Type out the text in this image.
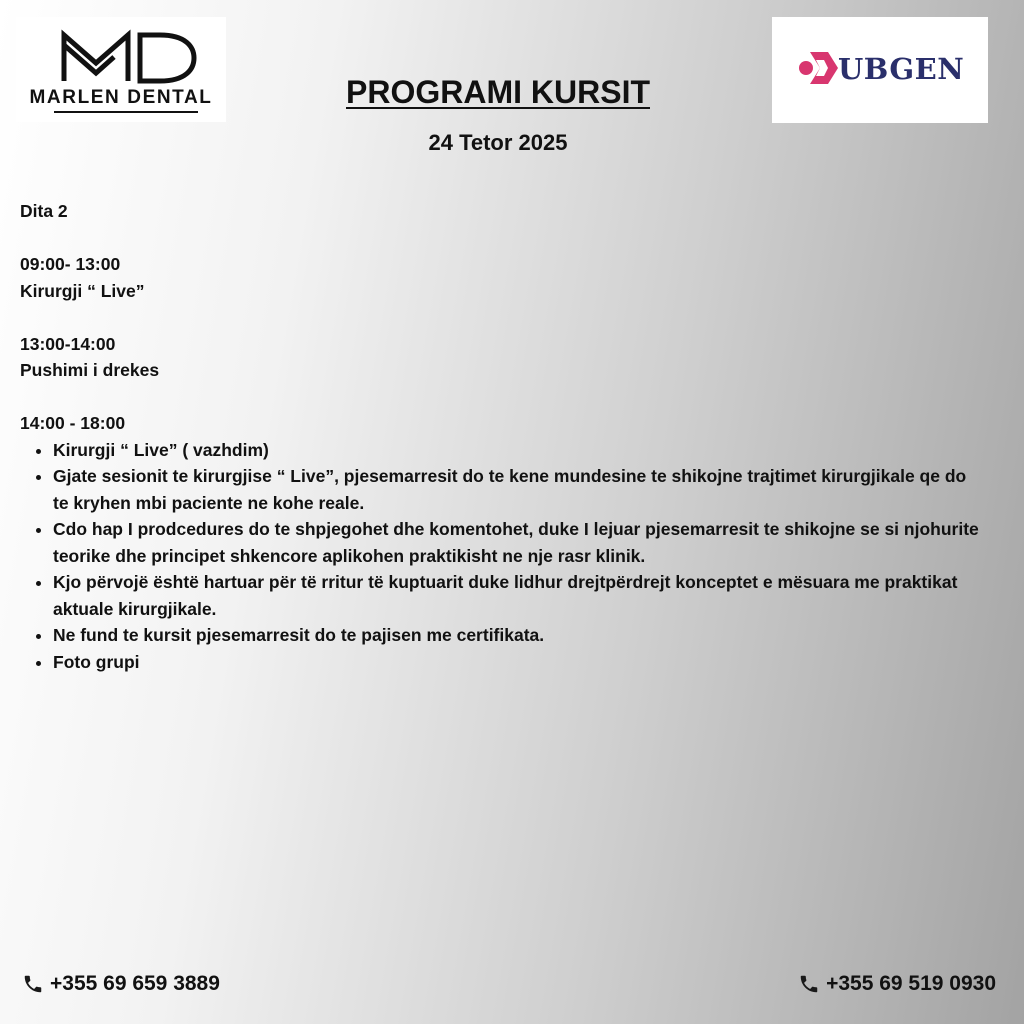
MARLEN DENTAL
UBGEN
PROGRAMI KURSIT
24 Tetor 2025

Dita 2

09:00- 13:00

Kirurgji “ Live”

13:00-14:00

Pushimi i drekes

14:00 - 18:00

• Kirurgji “ Live” ( vazhdim)
• Gjate sesionit te kirurgjise “ Live”, pjesemarresit do te kene mundesine te shikojne trajtimet kirurgjikale qe do te kryhen mbi paciente ne kohe reale.
• Cdo hap I prodcedures do te shpjegohet dhe komentohet, duke I lejuar pjesemarresit te shikojne se si njohurite teorike dhe principet shkencore aplikohen praktikisht ne nje rasr klinik.
• Kjo përvojë është hartuar për të rritur të kuptuarit duke lidhur drejtpërdrejt konceptet e mësuara me praktikat aktuale kirurgjikale.
• Ne fund te kursit pjesemarresit do te pajisen me certifikata.
• Foto grupi
+355 69 659 3889	+355 69 519 0930
